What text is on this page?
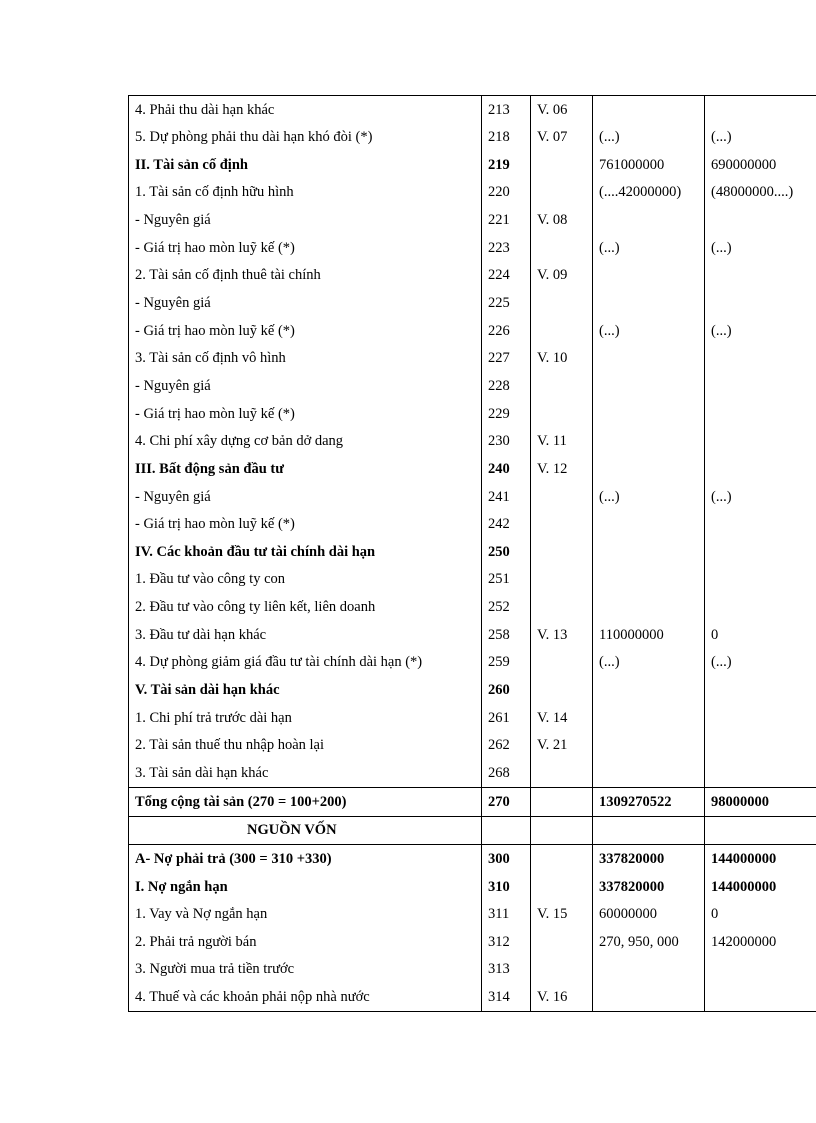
4. Phải thu dài hạn khác	213	V. 06		
5. Dự phòng phải thu dài hạn khó đòi (*)	218	V. 07	(...)	(...)
II. Tài sản cố định	219		761000000	690000000
1. Tài sản cố định hữu hình	220		(....42000000)	(48000000....)
- Nguyên giá	221	V. 08		
- Giá trị hao mòn luỹ kế (*)	223		(...)	(...)
2. Tài sản cố định thuê tài chính	224	V. 09		
- Nguyên giá	225			
- Giá trị hao mòn luỹ kế (*)	226		(...)	(...)
3. Tài sản cố định vô hình	227	V. 10		
- Nguyên giá	228			
- Giá trị hao mòn luỹ kế (*)	229			
4. Chi phí xây dựng cơ bản dở dang	230	V. 11		
III. Bất động sản đầu tư	240	V. 12		
- Nguyên giá	241		(...)	(...)
- Giá trị hao mòn luỹ kế (*)	242			
IV. Các khoản đầu tư tài chính dài hạn	250			
1. Đầu tư vào công ty con	251			
2. Đầu tư vào công ty liên kết, liên doanh	252			
3. Đầu tư dài hạn khác	258	V. 13	110000000	0
4. Dự phòng giảm giá đầu tư tài chính dài hạn (*)	259		(...)	(...)
V. Tài sản dài hạn khác	260			
1. Chi phí trả trước dài hạn	261	V. 14		
2. Tài sản thuế thu nhập hoàn lại	262	V. 21		
3. Tài sản dài hạn khác	268			
Tổng cộng tài sản (270 = 100+200)	270		1309270522	98000000
NGUỒN VỐN				
A- Nợ phải trả (300 = 310 +330)	300		337820000	144000000
I. Nợ ngắn hạn	310		337820000	144000000
1. Vay và Nợ ngắn hạn	311	V. 15	60000000	0
2. Phải trả người bán	312		270, 950, 000	142000000
3. Người mua trả tiền trước	313			
4. Thuế và các khoản phải nộp nhà nước	314	V. 16		
